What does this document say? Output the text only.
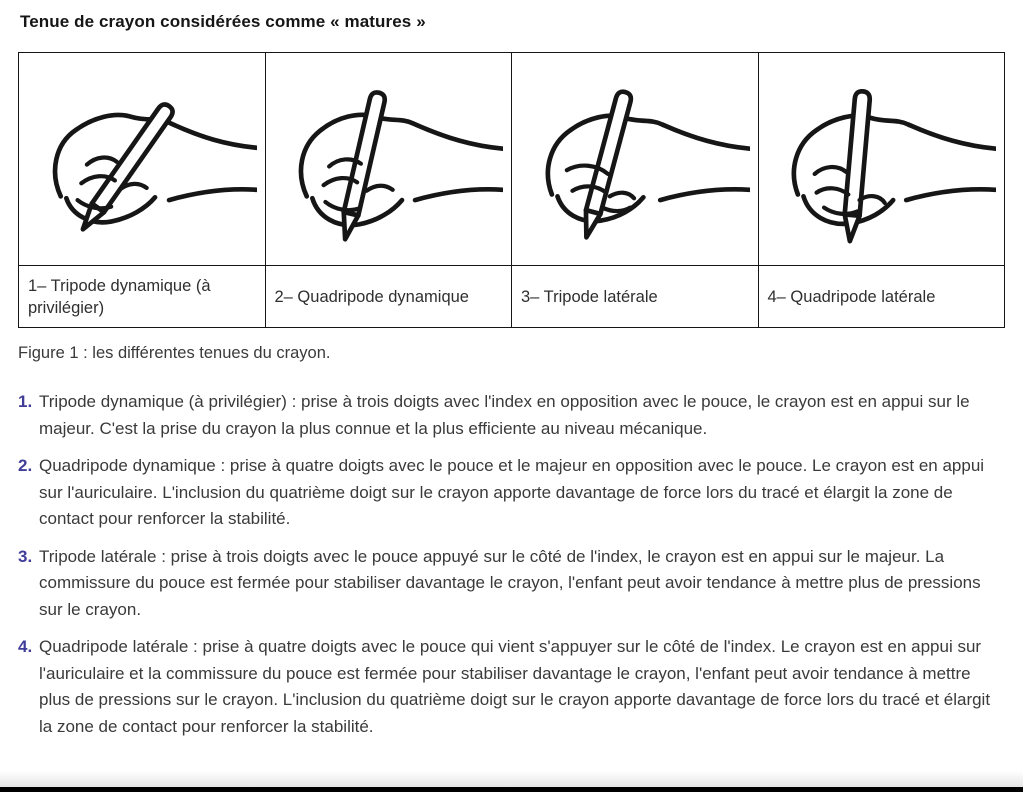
Tenue de crayon considérées comme « matures »

1– Tripode dynamique (à privilégier)	2– Quadripode dynamique	3– Tripode latérale	4– Quadripode latérale

Figure 1 : les différentes tenues du crayon.

1. Tripode dynamique (à privilégier) : prise à trois doigts avec l'index en opposition avec le pouce, le crayon est en appui sur le majeur. C'est la prise du crayon la plus connue et la plus efficiente au niveau mécanique.
2. Quadripode dynamique : prise à quatre doigts avec le pouce et le majeur en opposition avec le pouce. Le crayon est en appui sur l'auriculaire. L'inclusion du quatrième doigt sur le crayon apporte davantage de force lors du tracé et élargit la zone de contact pour renforcer la stabilité.
3. Tripode latérale : prise à trois doigts avec le pouce appuyé sur le côté de l'index, le crayon est en appui sur le majeur. La commissure du pouce est fermée pour stabiliser davantage le crayon, l'enfant peut avoir tendance à mettre plus de pressions sur le crayon.
4. Quadripode latérale : prise à quatre doigts avec le pouce qui vient s'appuyer sur le côté de l'index. Le crayon est en appui sur l'auriculaire et la commissure du pouce est fermée pour stabiliser davantage le crayon, l'enfant peut avoir tendance à mettre plus de pressions sur le crayon. L'inclusion du quatrième doigt sur le crayon apporte davantage de force lors du tracé et élargit la zone de contact pour renforcer la stabilité.
